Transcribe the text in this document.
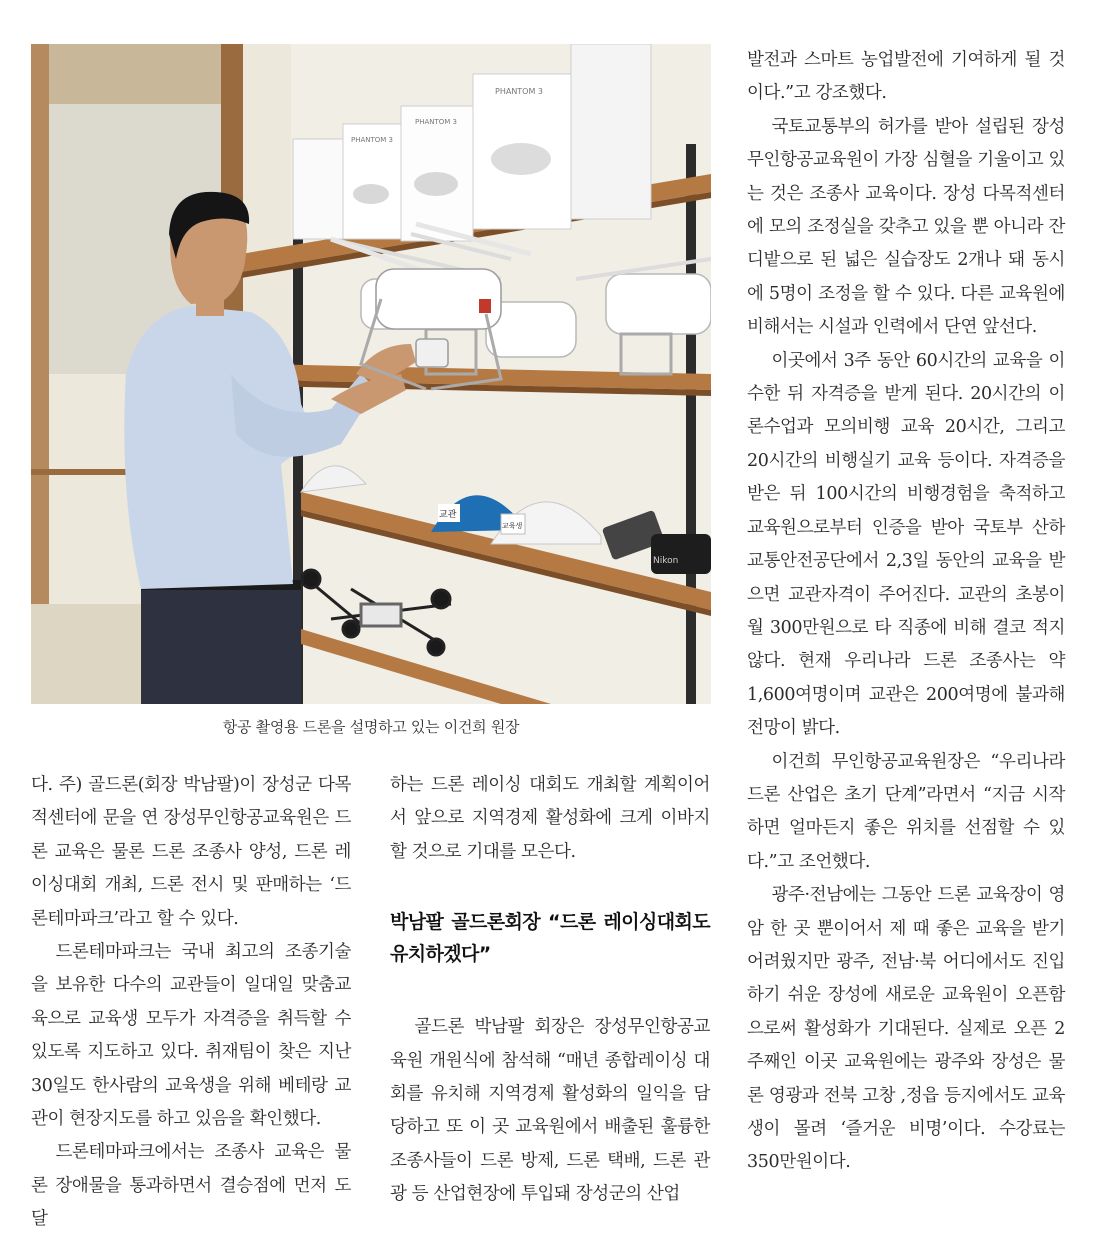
PHANTOM 3
PHANTOM 3
PHANTOM 3
교관
교육생
Nikon
항공 촬영용 드론을 설명하고 있는 이건희 원장

다. 주) 골드론(회장 박남팔)이 장성군 다목적센터에 문을 연 장성무인항공교육원은 드론 교육은 물론 드론 조종사 양성, 드론 레이싱대회 개최, 드론 전시 및 판매하는 ‘드론테마파크’라고 할 수 있다.

드론테마파크는 국내 최고의 조종기술을 보유한 다수의 교관들이 일대일 맞춤교육으로 교육생 모두가 자격증을 취득할 수 있도록 지도하고 있다. 취재팀이 찾은 지난 30일도 한사람의 교육생을 위해 베테랑 교관이 현장지도를 하고 있음을 확인했다.

드론테마파크에서는 조종사 교육은 물론 장애물을 통과하면서 결승점에 먼저 도달

하는 드론 레이싱 대회도 개최할 계획이어서 앞으로 지역경제 활성화에 크게 이바지할 것으로 기대를 모은다.

박남팔 골드론회장 “드론 레이싱대회도 유치하겠다”

골드론 박남팔 회장은 장성무인항공교육원 개원식에 참석해 “매년 종합레이싱 대회를 유치해 지역경제 활성화의 일익을 담당하고 또 이 곳 교육원에서 배출된 훌륭한 조종사들이 드론 방제, 드론 택배, 드론 관광 등 산업현장에 투입돼 장성군의 산업

발전과 스마트 농업발전에 기여하게 될 것이다.”고 강조했다.

국토교통부의 허가를 받아 설립된 장성무인항공교육원이 가장 심혈을 기울이고 있는 것은 조종사 교육이다. 장성 다목적센터에 모의 조정실을 갖추고 있을 뿐 아니라 잔디밭으로 된 넓은 실습장도 2개나 돼 동시에 5명이 조정을 할 수 있다. 다른 교육원에 비해서는 시설과 인력에서 단연 앞선다.

이곳에서 3주 동안 60시간의 교육을 이수한 뒤 자격증을 받게 된다. 20시간의 이론수업과 모의비행 교육 20시간, 그리고 20시간의 비행실기 교육 등이다. 자격증을 받은 뒤 100시간의 비행경험을 축적하고 교육원으로부터 인증을 받아 국토부 산하 교통안전공단에서 2,3일 동안의 교육을 받으면 교관자격이 주어진다. 교관의 초봉이 월 300만원으로 타 직종에 비해 결코 적지 않다. 현재 우리나라 드론 조종사는 약1,600여명이며 교관은 200여명에 불과해 전망이 밝다.

이건희 무인항공교육원장은 “우리나라 드론 산업은 초기 단계”라면서 “지금 시작하면 얼마든지 좋은 위치를 선점할 수 있다.”고 조언했다.

광주·전남에는 그동안 드론 교육장이 영암 한 곳 뿐이어서 제 때 좋은 교육을 받기 어려웠지만 광주, 전남·북 어디에서도 진입하기 쉬운 장성에 새로운 교육원이 오픈함으로써 활성화가 기대된다. 실제로 오픈 2주째인 이곳 교육원에는 광주와 장성은 물론 영광과 전북 고창 ,정읍 등지에서도 교육생이 몰려 ‘즐거운 비명’이다. 수강료는 350만원이다.
